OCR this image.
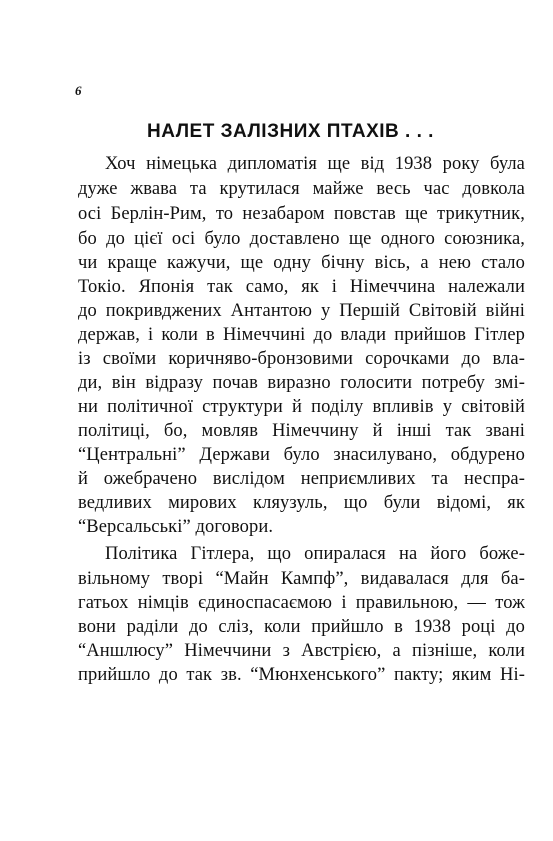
6
НАЛЕТ ЗАЛІЗНИХ ПТАХІВ . . .
Хоч німецька дипломатія ще від 1938 року була
дуже жвава та крутилася майже весь час довкола
осі Берлін-Рим, то незабаром повстав ще трикутник,
бо до цієї осі було доставлено ще одного союзника,
чи краще кажучи, ще одну бічну вісь, а нею стало
Токіо. Японія так само, як і Німеччина належали
до покривджених Антантою у Першій Світовій війні
держав, і коли в Німеччині до влади прийшов Гітлер
із своїми коричняво-бронзовими сорочками до вла-
ди, він відразу почав виразно голосити потребу змі-
ни політичної структури й поділу впливів у світовій
політиці, бо, мовляв Німеччину й інші так звані
“Центральні” Держави було знасилувано, обдурено
й ожебрачено вислідом неприємливих та неспра-
ведливих мирових кляузуль, що були відомі, як
“Версальські” договори.
Політика Гітлера, що опиралася на його боже-
вільному творі “Майн Кампф”, видавалася для ба-
гатьох німців єдиноспасаємою і правильною, — тож
вони раділи до сліз, коли прийшло в 1938 році до
“Аншлюсу” Німеччини з Австрією, а пізніше, коли
прийшло до так зв. “Мюнхенського” пакту; яким Ні-
